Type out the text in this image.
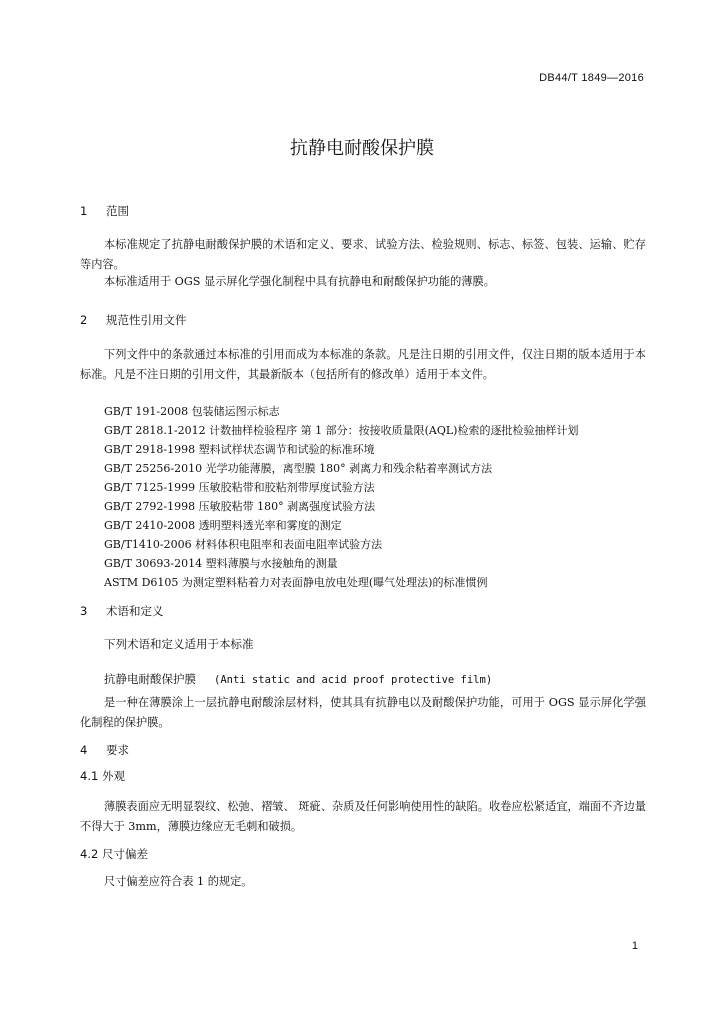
DB44/T 1849—2016
抗静电耐酸保护膜
1 范围
本标准规定了抗静电耐酸保护膜的术语和定义、要求、试验方法、检验规则、标志、标签、包装、运输、贮存等内容。
本标准适用于 OGS 显示屏化学强化制程中具有抗静电和耐酸保护功能的薄膜。
2 规范性引用文件
下列文件中的条款通过本标准的引用而成为本标准的条款。凡是注日期的引用文件，仅注日期的版本适用于本标准。凡是不注日期的引用文件，其最新版本（包括所有的修改单）适用于本文件。
GB/T 191-2008 包装储运图示标志
GB/T 2818.1-2012 计数抽样检验程序 第 1 部分：按接收质量限(AQL)检索的逐批检验抽样计划
GB/T 2918-1998 塑料试样状态调节和试验的标准环境
GB/T 25256-2010 光学功能薄膜，离型膜 180° 剥离力和残余粘着率测试方法
GB/T 7125-1999 压敏胶粘带和胶粘剂带厚度试验方法
GB/T 2792-1998 压敏胶粘带 180° 剥离强度试验方法
GB/T 2410-2008 透明塑料透光率和雾度的测定
GB/T1410-2006 材料体积电阻率和表面电阻率试验方法
GB/T 30693-2014 塑料薄膜与水接触角的测量
ASTM D6105 为测定塑料粘着力对表面静电放电处理(曝气处理法)的标准惯例
3 术语和定义
下列术语和定义适用于本标准
抗静电耐酸保护膜 (Anti static and acid proof protective film)
是一种在薄膜涂上一层抗静电耐酸涂层材料，使其具有抗静电以及耐酸保护功能，可用于 OGS 显示屏化学强化制程的保护膜。
4 要求
4.1 外观
薄膜表面应无明显裂纹、松弛、褶皱、 斑疵、杂质及任何影响使用性的缺陷。收卷应松紧适宜，端面不齐边量不得大于 3mm，薄膜边缘应无毛刺和破损。
4.2 尺寸偏差
尺寸偏差应符合表 1 的规定。
1
